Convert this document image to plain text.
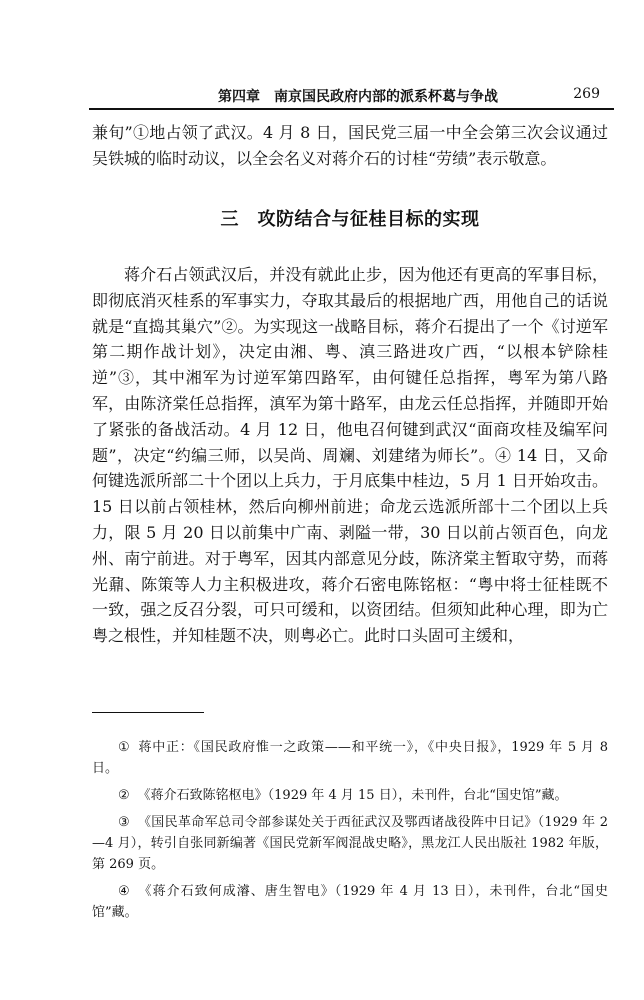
第四章　南京国民政府内部的派系杯葛与争战	269

兼旬”①地占领了武汉。4 月 8 日，国民党三届一中全会第三次会议通过吴铁城的临时动议，以全会名义对蒋介石的讨桂“劳绩”表示敬意。

三　攻防结合与征桂目标的实现

蒋介石占领武汉后，并没有就此止步，因为他还有更高的军事目标，即彻底消灭桂系的军事实力，夺取其最后的根据地广西，用他自己的话说就是“直捣其巢穴”②。为实现这一战略目标，蒋介石提出了一个《讨逆军第二期作战计划》，决定由湘、粤、滇三路进攻广西，“以根本铲除桂逆”③，其中湘军为讨逆军第四路军，由何键任总指挥，粤军为第八路军，由陈济棠任总指挥，滇军为第十路军，由龙云任总指挥，并随即开始了紧张的备战活动。4 月 12 日，他电召何键到武汉“面商攻桂及编军问题”，决定“约编三师，以吴尚、周斓、刘建绪为师长”。④ 14 日，又命何键选派所部二十个团以上兵力，于月底集中桂边，5 月 1 日开始攻击。15 日以前占领桂林，然后向柳州前进；命龙云选派所部十二个团以上兵力，限 5 月 20 日以前集中广南、剥隘一带，30 日以前占领百色，向龙州、南宁前进。对于粤军，因其内部意见分歧，陈济棠主暂取守势，而蒋光鼐、陈策等人力主积极进攻，蒋介石密电陈铭枢：“粤中将士征桂既不一致，强之反召分裂，可只可缓和，以资团结。但须知此种心理，即为亡粤之根性，并知桂题不决，则粤必亡。此时口头固可主缓和，

① 蒋中正：《国民政府惟一之政策——和平统一》，《中央日报》，1929 年 5 月 8 日。
② 《蒋介石致陈铭枢电》（1929 年 4 月 15 日），未刊件，台北“国史馆”藏。
③ 《国民革命军总司令部参谋处关于西征武汉及鄂西诸战役阵中日记》（1929 年 2—4 月），转引自张同新编著《国民党新军阀混战史略》，黑龙江人民出版社 1982 年版，第 269 页。
④ 《蒋介石致何成濬、唐生智电》（1929 年 4 月 13 日），未刊件，台北“国史馆”藏。
